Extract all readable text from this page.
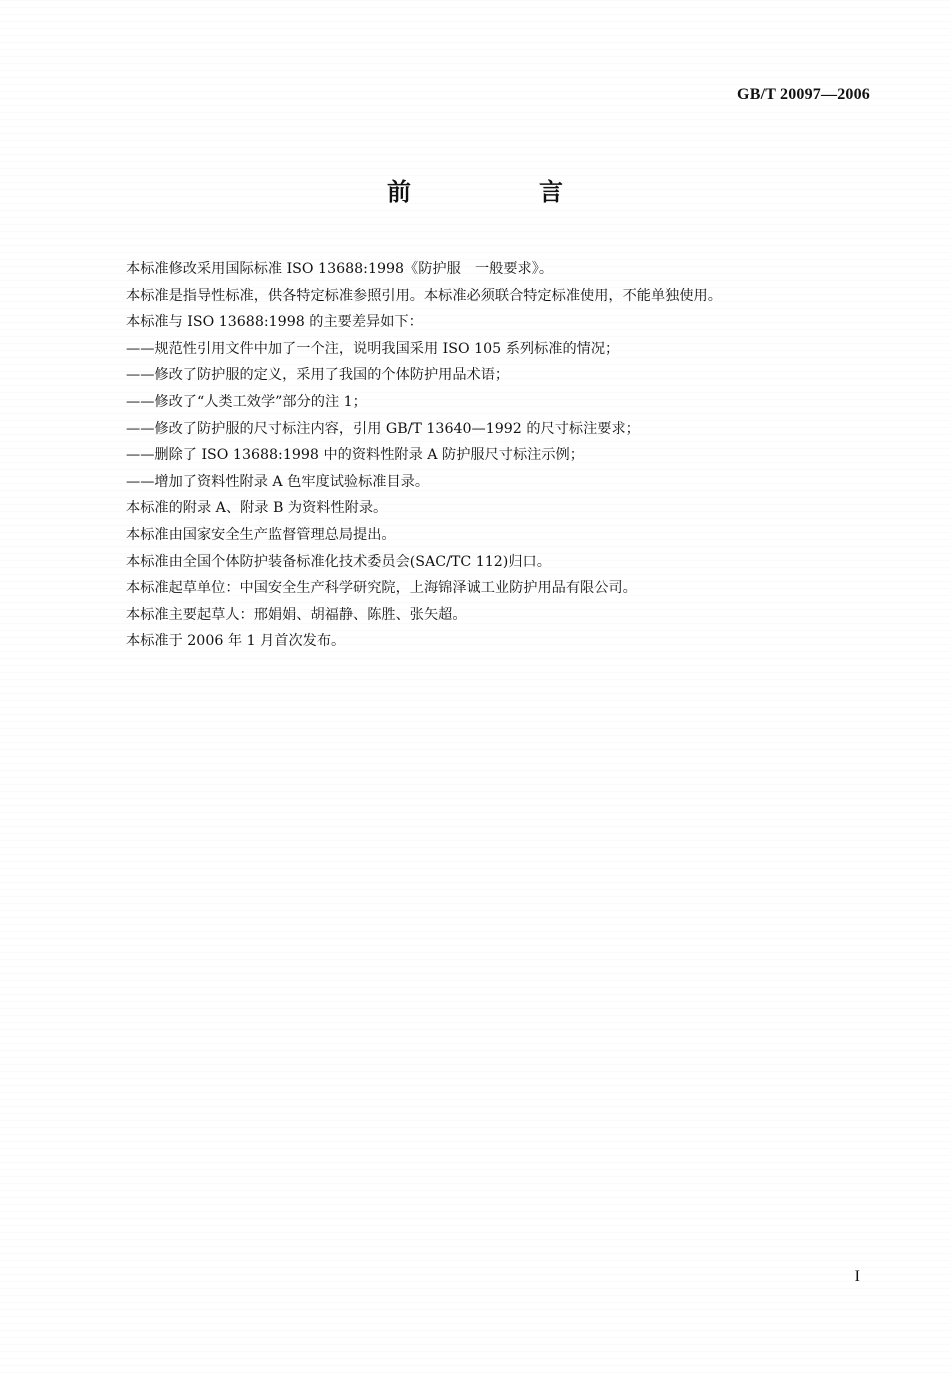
GB/T 20097—2006
前　言
本标准修改采用国际标准 ISO 13688:1998《防护服　一般要求》。
本标准是指导性标准，供各特定标准参照引用。本标准必须联合特定标准使用，不能单独使用。
本标准与 ISO 13688:1998 的主要差异如下：
——规范性引用文件中加了一个注，说明我国采用 ISO 105 系列标准的情况；
——修改了防护服的定义，采用了我国的个体防护用品术语；
——修改了“人类工效学”部分的注 1；
——修改了防护服的尺寸标注内容，引用 GB/T 13640—1992 的尺寸标注要求；
——删除了 ISO 13688:1998 中的资料性附录 A 防护服尺寸标注示例；
——增加了资料性附录 A 色牢度试验标准目录。
本标准的附录 A、附录 B 为资料性附录。
本标准由国家安全生产监督管理总局提出。
本标准由全国个体防护装备标准化技术委员会(SAC/TC 112)归口。
本标准起草单位：中国安全生产科学研究院，上海锦泽诚工业防护用品有限公司。
本标准主要起草人：邢娟娟、胡福静、陈胜、张矢超。
本标准于 2006 年 1 月首次发布。
I
